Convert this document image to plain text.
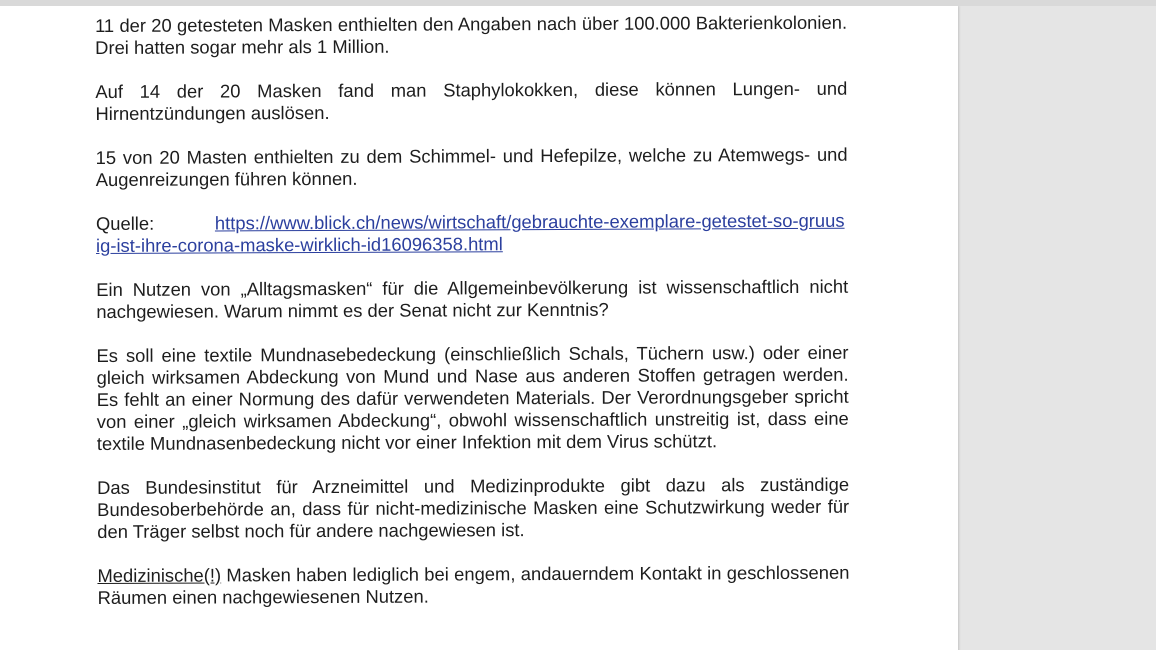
11 der 20 getesteten Masken enthielten den Angaben nach über 100.000 Bakterienkolonien. Drei hatten sogar mehr als 1 Million.

Auf 14 der 20 Masken fand man Staphylokokken, diese können Lungen- und Hirnentzündungen auslösen.

15 von 20 Masten enthielten zu dem Schimmel- und Hefepilze, welche zu Atemwegs- und Augenreizungen führen können.

Quelle:	https://www.blick.ch/news/wirtschaft/gebrauchte-exemplare-getestet-so-gruusig-ist-ihre-corona-maske-wirklich-id16096358.html

Ein Nutzen von „Alltagsmasken“ für die Allgemeinbevölkerung ist wissenschaftlich nicht nachgewiesen. Warum nimmt es der Senat nicht zur Kenntnis?

Es soll eine textile Mundnasebedeckung (einschließlich Schals, Tüchern usw.) oder einer gleich wirksamen Abdeckung von Mund und Nase aus anderen Stoffen getragen werden. Es fehlt an einer Normung des dafür verwendeten Materials. Der Verordnungsgeber spricht von einer „gleich wirksamen Abdeckung“, obwohl wissenschaftlich unstreitig ist, dass eine textile Mundnasenbedeckung nicht vor einer Infektion mit dem Virus schützt.

Das Bundesinstitut für Arzneimittel und Medizinprodukte gibt dazu als zuständige Bundesoberbehörde an, dass für nicht-medizinische Masken eine Schutzwirkung weder für den Träger selbst noch für andere nachgewiesen ist.

Medizinische(!) Masken haben lediglich bei engem, andauerndem Kontakt in geschlossenen Räumen einen nachgewiesenen Nutzen.
